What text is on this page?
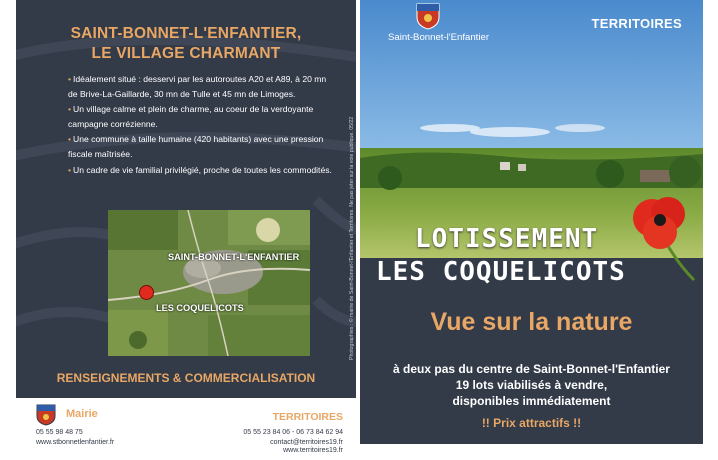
SAINT-BONNET-L'ENFANTIER,
LE VILLAGE CHARMANT
• Idéalement situé : desservi par les autoroutes A20 et A89, à 20 mn de Brive-La-Gaillarde, 30 mn de Tulle et 45 mn de Limoges.
• Un village calme et plein de charme, au coeur de la verdoyante campagne corrézienne.
• Une commune à taille humaine (420 habitants) avec une pression fiscale maîtrisée.
• Un cadre de vie familial privilégié, proche de toutes les commodités.
SAINT-BONNET-L'ENFANTIER
LES COQUELICOTS	Photographies : © mairie de Saint-Bonnet-l'Enfantier et Territoires. Ne pas jeter sur la voie publique. 05/22
RENSEIGNEMENTS & COMMERCIALISATION
Mairie
05 55 98 48 75
www.stbonnetlenfantier.fr
TERRITOIRES
05 55 23 84 06 - 06 73 84 62 94
contact@territoires19.fr
www.territoires19.fr
Saint-Bonnet-l'Enfantier
TERRITOIRES
LOTISSEMENT
LES COQUELICOTS
Vue sur la nature
à deux pas du centre de Saint-Bonnet-l'Enfantier
19 lots viabilisés à vendre,
disponibles immédiatement
!! Prix attractifs !!
